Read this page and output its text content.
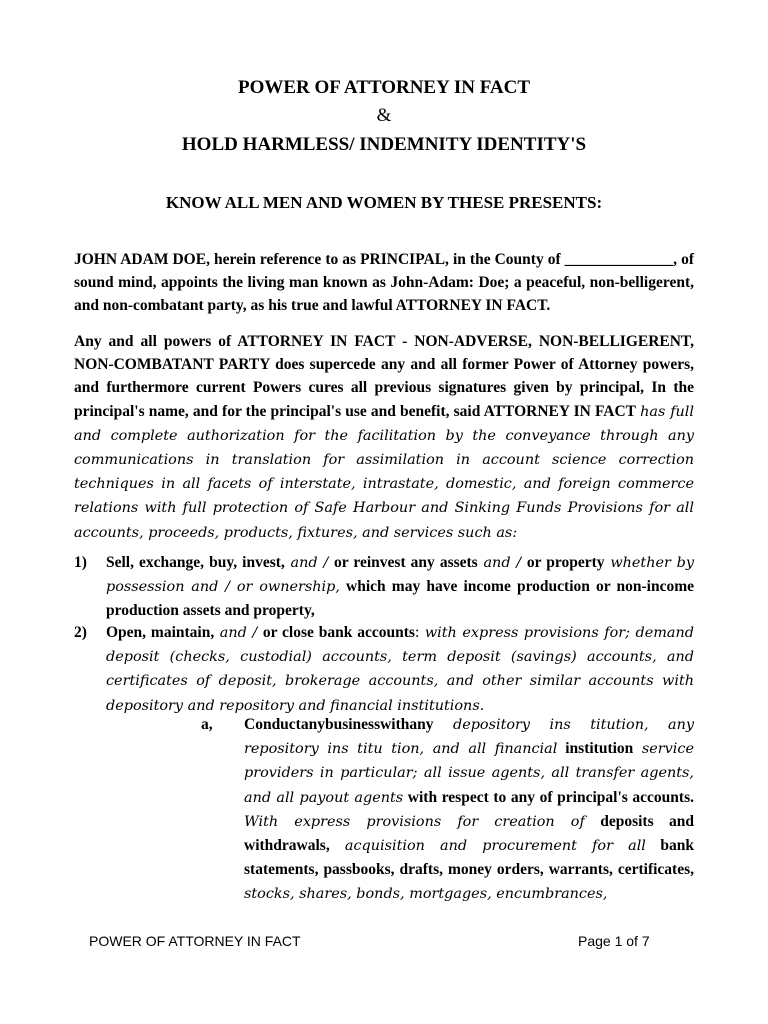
POWER OF ATTORNEY IN FACT
&
HOLD HARMLESS/ INDEMNITY IDENTITY'S
KNOW ALL MEN AND WOMEN BY THESE PRESENTS:
JOHN ADAM DOE, herein reference to as PRINCIPAL, in the County of ______________, of sound mind, appoints the living man known as John-Adam: Doe; a peaceful, non-belligerent, and non-combatant party, as his true and lawful ATTORNEY IN FACT.
Any and all powers of ATTORNEY IN FACT - NON-ADVERSE, NON-BELLIGERENT, NON-COMBATANT PARTY does supercede any and all former Power of Attorney powers, and furthermore current Powers cures all previous signatures given by principal, In the principal's name, and for the principal's use and benefit, said ATTORNEY IN FACT has full and complete authorization for the facilitation by the conveyance through any communications in translation for assimilation in account science correction techniques in all facets of interstate, intrastate, domestic, and foreign commerce relations with full protection of Safe Harbour and Sinking Funds Provisions for all accounts, proceeds, products, fixtures, and services such as:
1) Sell, exchange, buy, invest, and / or reinvest any assets and / or property whether by possession and / or ownership, which may have income production or non-income production assets and property,
2) Open, maintain, and / or close bank accounts: with express provisions for; demand deposit (checks, custodial) accounts, term deposit (savings) accounts, and certificates of deposit, brokerage accounts, and other similar accounts with depository and repository and financial institutions.
a, Conductanybusinesswithany depository ins titution, any repository ins titu tion, and all financial institution service providers in particular; all issue agents, all transfer agents, and all payout agents with respect to any of principal's accounts. With express provisions for creation of deposits and withdrawals, acquisition and procurement for all bank statements, passbooks, drafts, money orders, warrants, certificates, stocks, shares, bonds, mortgages, encumbrances,
POWER OF ATTORNEY IN FACT	Page 1 of 7
